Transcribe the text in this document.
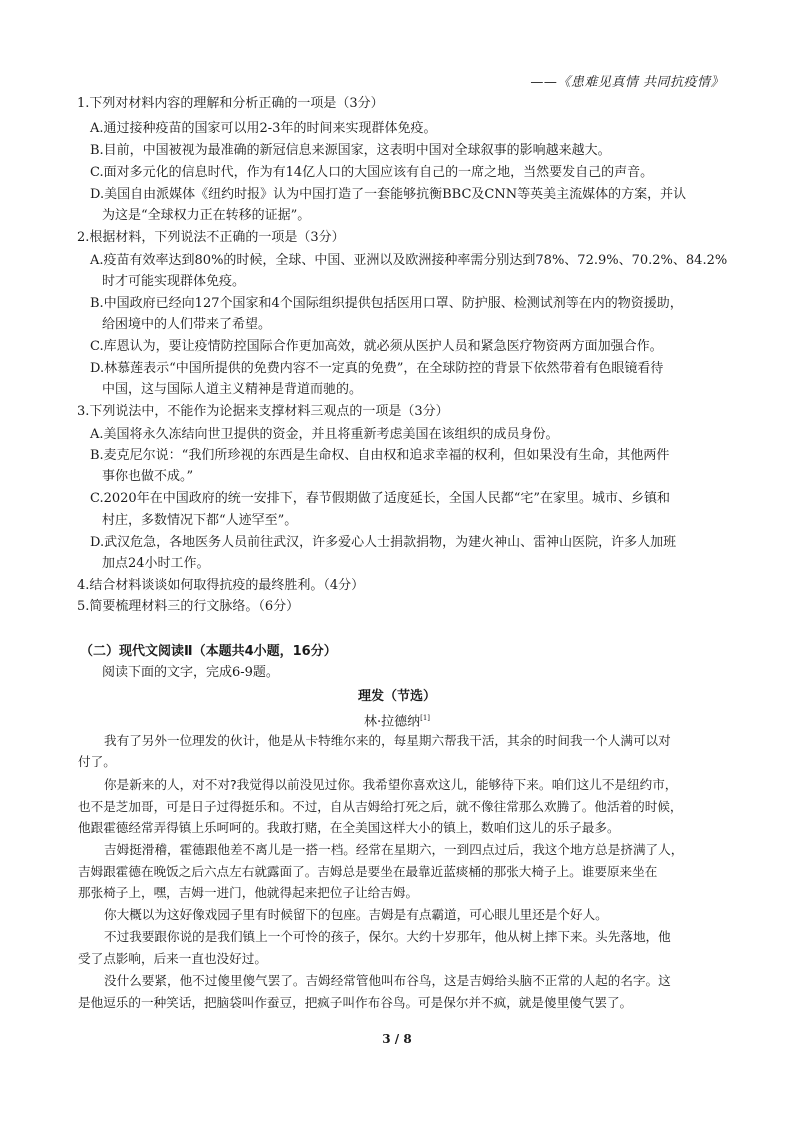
——《患难见真情 共同抗疫情》
1.下列对材料内容的理解和分析正确的一项是（3分）
A.通过接种疫苗的国家可以用2-3年的时间来实现群体免疫。
B.目前，中国被视为最准确的新冠信息来源国家，这表明中国对全球叙事的影响越来越大。
C.面对多元化的信息时代，作为有14亿人口的大国应该有自己的一席之地，当然要发自己的声音。
D.美国自由派媒体《纽约时报》认为中国打造了一套能够抗衡BBC及CNN等英美主流媒体的方案，并认
为这是“全球权力正在转移的证据”。
2.根据材料，下列说法不正确的一项是（3分）
A.疫苗有效率达到80%的时候，全球、中国、亚洲以及欧洲接种率需分别达到78%、72.9%、70.2%、84.2%
时才可能实现群体免疫。
B.中国政府已经向127个国家和4个国际组织提供包括医用口罩、防护服、检测试剂等在内的物资援助，
给困境中的人们带来了希望。
C.库恩认为，要让疫情防控国际合作更加高效，就必须从医护人员和紧急医疗物资两方面加强合作。
D.林慕莲表示“中国所提供的免费内容不一定真的免费”，在全球防控的背景下依然带着有色眼镜看待
中国，这与国际人道主义精神是背道而驰的。
3.下列说法中，不能作为论据来支撑材料三观点的一项是（3分）
A.美国将永久冻结向世卫提供的资金，并且将重新考虑美国在该组织的成员身份。
B.麦克尼尔说：“我们所珍视的东西是生命权、自由权和追求幸福的权利，但如果没有生命，其他两件
事你也做不成。”
C.2020年在中国政府的统一安排下，春节假期做了适度延长，全国人民都“宅”在家里。城市、乡镇和
村庄，多数情况下都“人迹罕至”。
D.武汉危急，各地医务人员前往武汉，许多爱心人士捐款捐物，为建火神山、雷神山医院，许多人加班
加点24小时工作。
4.结合材料谈谈如何取得抗疫的最终胜利。（4分）
5.简要梳理材料三的行文脉络。（6分）
（二）现代文阅读Ⅱ（本题共4小题，16分）
阅读下面的文字，完成6-9题。
理发（节选）
林·拉德纳[1]
我有了另外一位理发的伙计，他是从卡特维尔来的，每星期六帮我干活，其余的时间我一个人满可以对
付了。
你是新来的人，对不对?我觉得以前没见过你。我希望你喜欢这儿，能够待下来。咱们这儿不是纽约市，
也不是芝加哥，可是日子过得挺乐和。不过，自从吉姆给打死之后，就不像往常那么欢腾了。他活着的时候，
他跟霍德经常弄得镇上乐呵呵的。我敢打赌，在全美国这样大小的镇上，数咱们这儿的乐子最多。
吉姆挺滑稽，霍德跟他差不离儿是一搭一档。经常在星期六，一到四点过后，我这个地方总是挤满了人，
吉姆跟霍德在晚饭之后六点左右就露面了。吉姆总是要坐在最靠近蓝痰桶的那张大椅子上。谁要原来坐在
那张椅子上，嘿，吉姆一进门，他就得起来把位子让给吉姆。
你大概以为这好像戏园子里有时候留下的包座。吉姆是有点霸道，可心眼儿里还是个好人。
不过我要跟你说的是我们镇上一个可怜的孩子，保尔。大约十岁那年，他从树上摔下来。头先落地，他
受了点影响，后来一直也没好过。
没什么要紧，他不过傻里傻气罢了。吉姆经常管他叫布谷鸟，这是吉姆给头脑不正常的人起的名字。这
是他逗乐的一种笑话，把脑袋叫作蚕豆，把疯子叫作布谷鸟。可是保尔并不疯，就是傻里傻气罢了。
3 / 8
